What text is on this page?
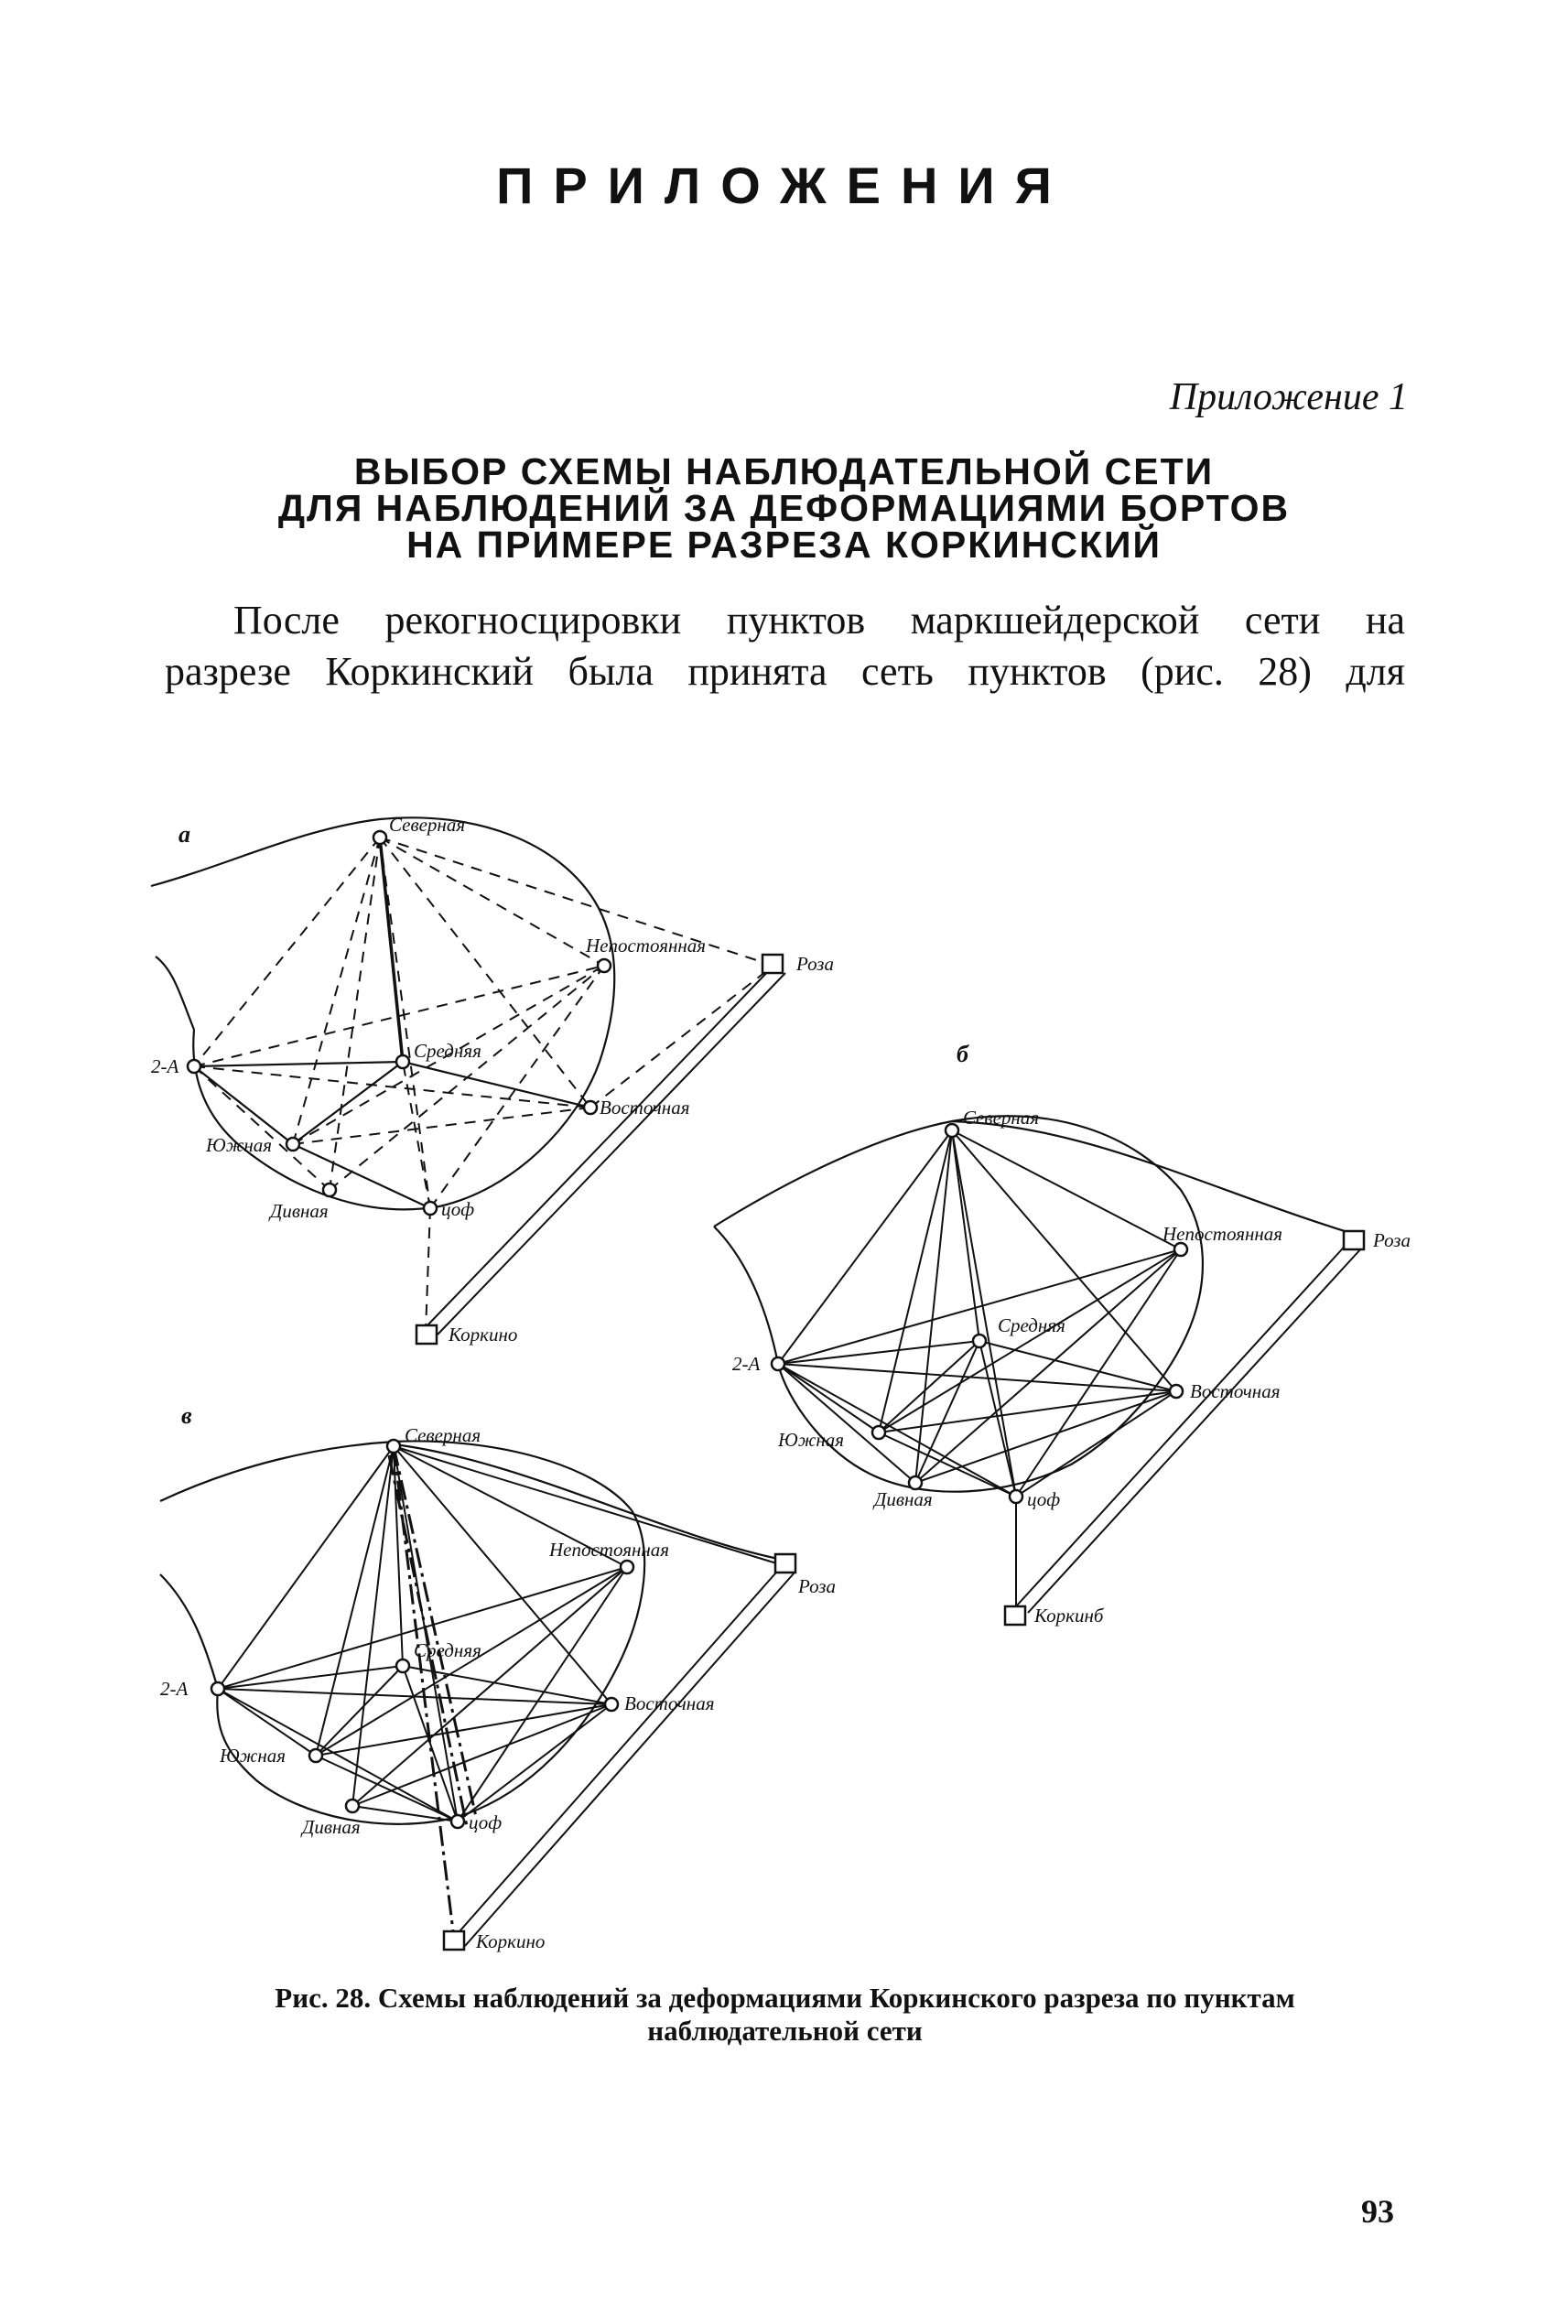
ПРИЛОЖЕНИЯ
Приложение 1
ВЫБОР СХЕМЫ НАБЛЮДАТЕЛЬНОЙ СЕТИ
ДЛЯ НАБЛЮДЕНИЙ ЗА ДЕФОРМАЦИЯМИ БОРТОВ
НА ПРИМЕРЕ РАЗРЕЗА КОРКИНСКИЙ
После рекогносцировки пунктов маркшейдерской сети на
разрезе Коркинский была принята сеть пунктов (рис. 28) для
а
б
в
Северная
Непостоянная
Роза
Средняя
2-А
Восточная
Южная
Дивная	цоф
Коркино
Северная
Непостоянная	Роза
Средняя
2-А
Восточная
Южная
Дивная	цоф
Коркинб
Северная
Непостоянная
Роза
Средняя
2-А
Восточная
Южная
Дивная	цоф
Коркино
Рис. 28. Схемы наблюдений за деформациями Коркинского разреза по пунктам
наблюдательной сети
93
